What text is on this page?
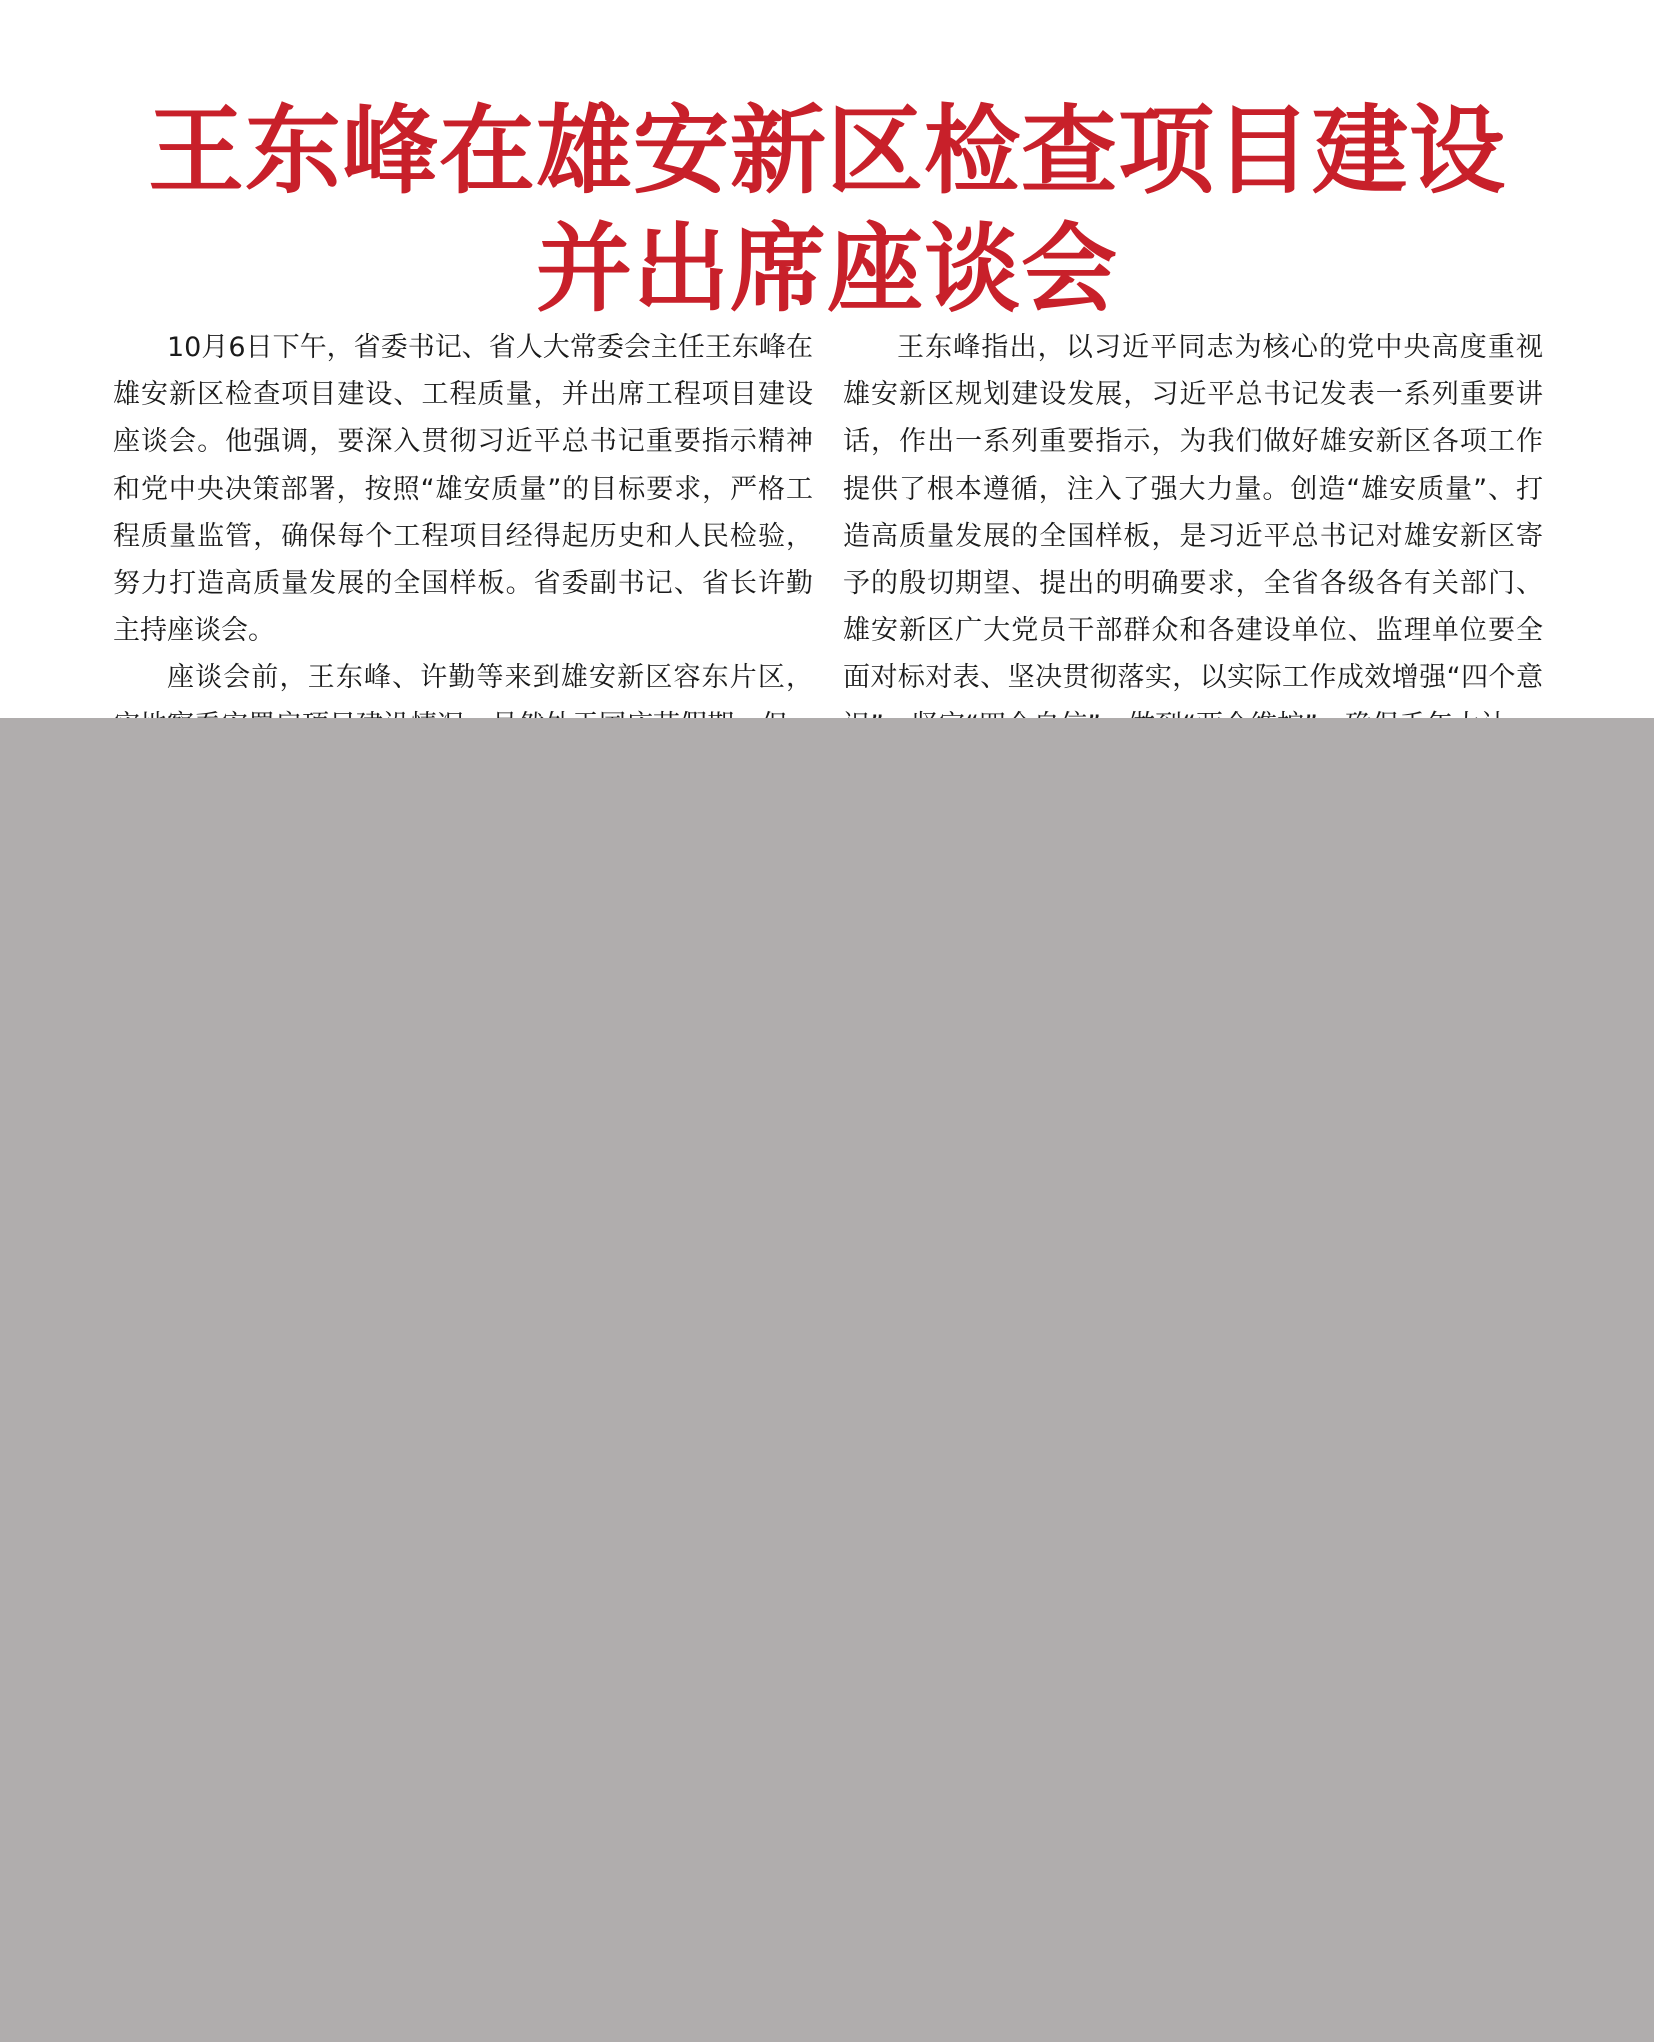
王东峰在雄安新区检查项目建设
并出席座谈会

10月6日下午，省委书记、省人大常委会主任王东峰在雄安新区检查项目建设、工程质量，并出席工程项目建设座谈会。他强调，要深入贯彻习近平总书记重要指示精神和党中央决策部署，按照“雄安质量”的目标要求，严格工程质量监管，确保每个工程项目经得起历史和人民检验，努力打造高质量发展的全国样板。省委副书记、省长许勤主持座谈会。

座谈会前，王东峰、许勤等来到雄安新区容东片区，

王东峰指出，以习近平同志为核心的党中央高度重视雄安新区规划建设发展，习近平总书记发表一系列重要讲话，作出一系列重要指示，为我们做好雄安新区各项工作提供了根本遵循，注入了强大力量。创造“雄安质量”、打造高质量发展的全国样板，是习近平总书记对雄安新区寄予的殷切期望、提出的明确要求，全省各级各有关部门、雄安新区广大党员干部群众和各建设单位、监理单位要全面对标对表、坚决贯彻落实，以实际工作成效增强“四个意
